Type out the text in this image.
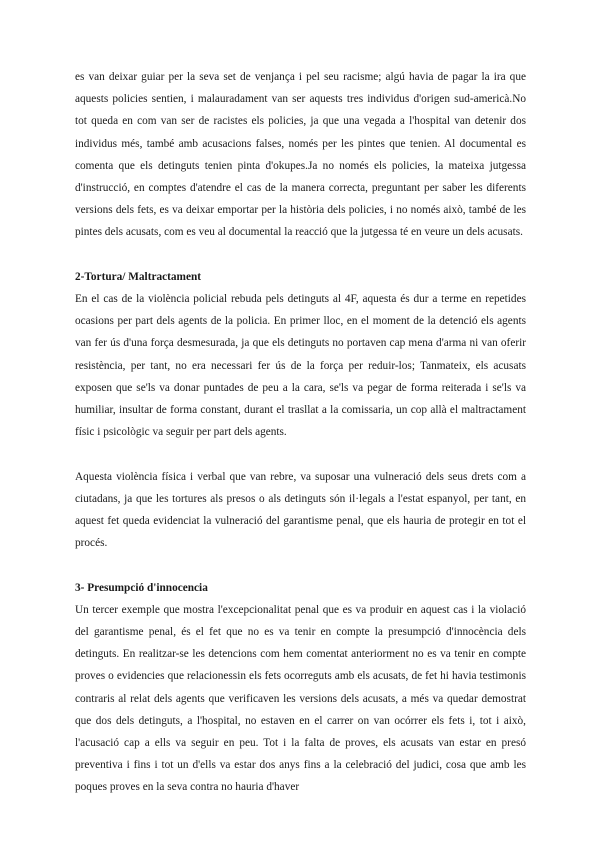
es van deixar guiar per la seva set de venjança i pel seu racisme; algú havia de pagar la ira que aquests policies sentien, i malauradament van ser aquests tres individus d'origen sud-americà.No tot queda en com van ser de racistes els policies, ja que una vegada a l'hospital van detenir dos individus més, també amb acusacions falses, només per les pintes que tenien. Al documental es comenta que els detinguts tenien pinta d'okupes.Ja no només els policies, la mateixa jutgessa d'instrucció, en comptes d'atendre el cas de la manera correcta, preguntant per saber les diferents versions dels fets, es va deixar emportar per la història dels policies, i no només això, també de les pintes dels acusats, com es veu al documental la reacció que la jutgessa té en veure un dels acusats.

2-Tortura/ Maltractament

En el cas de la violència policial rebuda pels detinguts al 4F, aquesta és dur a terme en repetides ocasions per part dels agents de la policia. En primer lloc, en el moment de la detenció els agents van fer ús d'una força desmesurada, ja que els detinguts no portaven cap mena d'arma ni van oferir resistència, per tant, no era necessari fer ús de la força per reduir-los; Tanmateix, els acusats exposen que se'ls va donar puntades de peu a la cara, se'ls va pegar de forma reiterada i se'ls va humiliar, insultar de forma constant, durant el trasllat a la comissaria, un cop allà el maltractament físic i psicològic va seguir per part dels agents.

Aquesta violència física i verbal que van rebre, va suposar una vulneració dels seus drets com a ciutadans, ja que les tortures als presos o als detinguts són il·legals a l'estat espanyol, per tant, en aquest fet queda evidenciat la vulneració del garantisme penal, que els hauria de protegir en tot el procés.

3- Presumpció d'innocencia

Un tercer exemple que mostra l'excepcionalitat penal que es va produir en aquest cas i la violació del garantisme penal, és el fet que no es va tenir en compte la presumpció d'innocència dels detinguts. En realitzar-se les detencions com hem comentat anteriorment no es va tenir en compte proves o evidencies que relacionessin els fets ocorreguts amb els acusats, de fet hi havia testimonis contraris al relat dels agents que verificaven les versions dels acusats, a més va quedar demostrat que dos dels detinguts, a l'hospital, no estaven en el carrer on van ocórrer els fets i, tot i això, l'acusació cap a ells va seguir en peu. Tot i la falta de proves, els acusats van estar en presó preventiva i fins i tot un d'ells va estar dos anys fins a la celebració del judici, cosa que amb les poques proves en la seva contra no hauria d'haver
